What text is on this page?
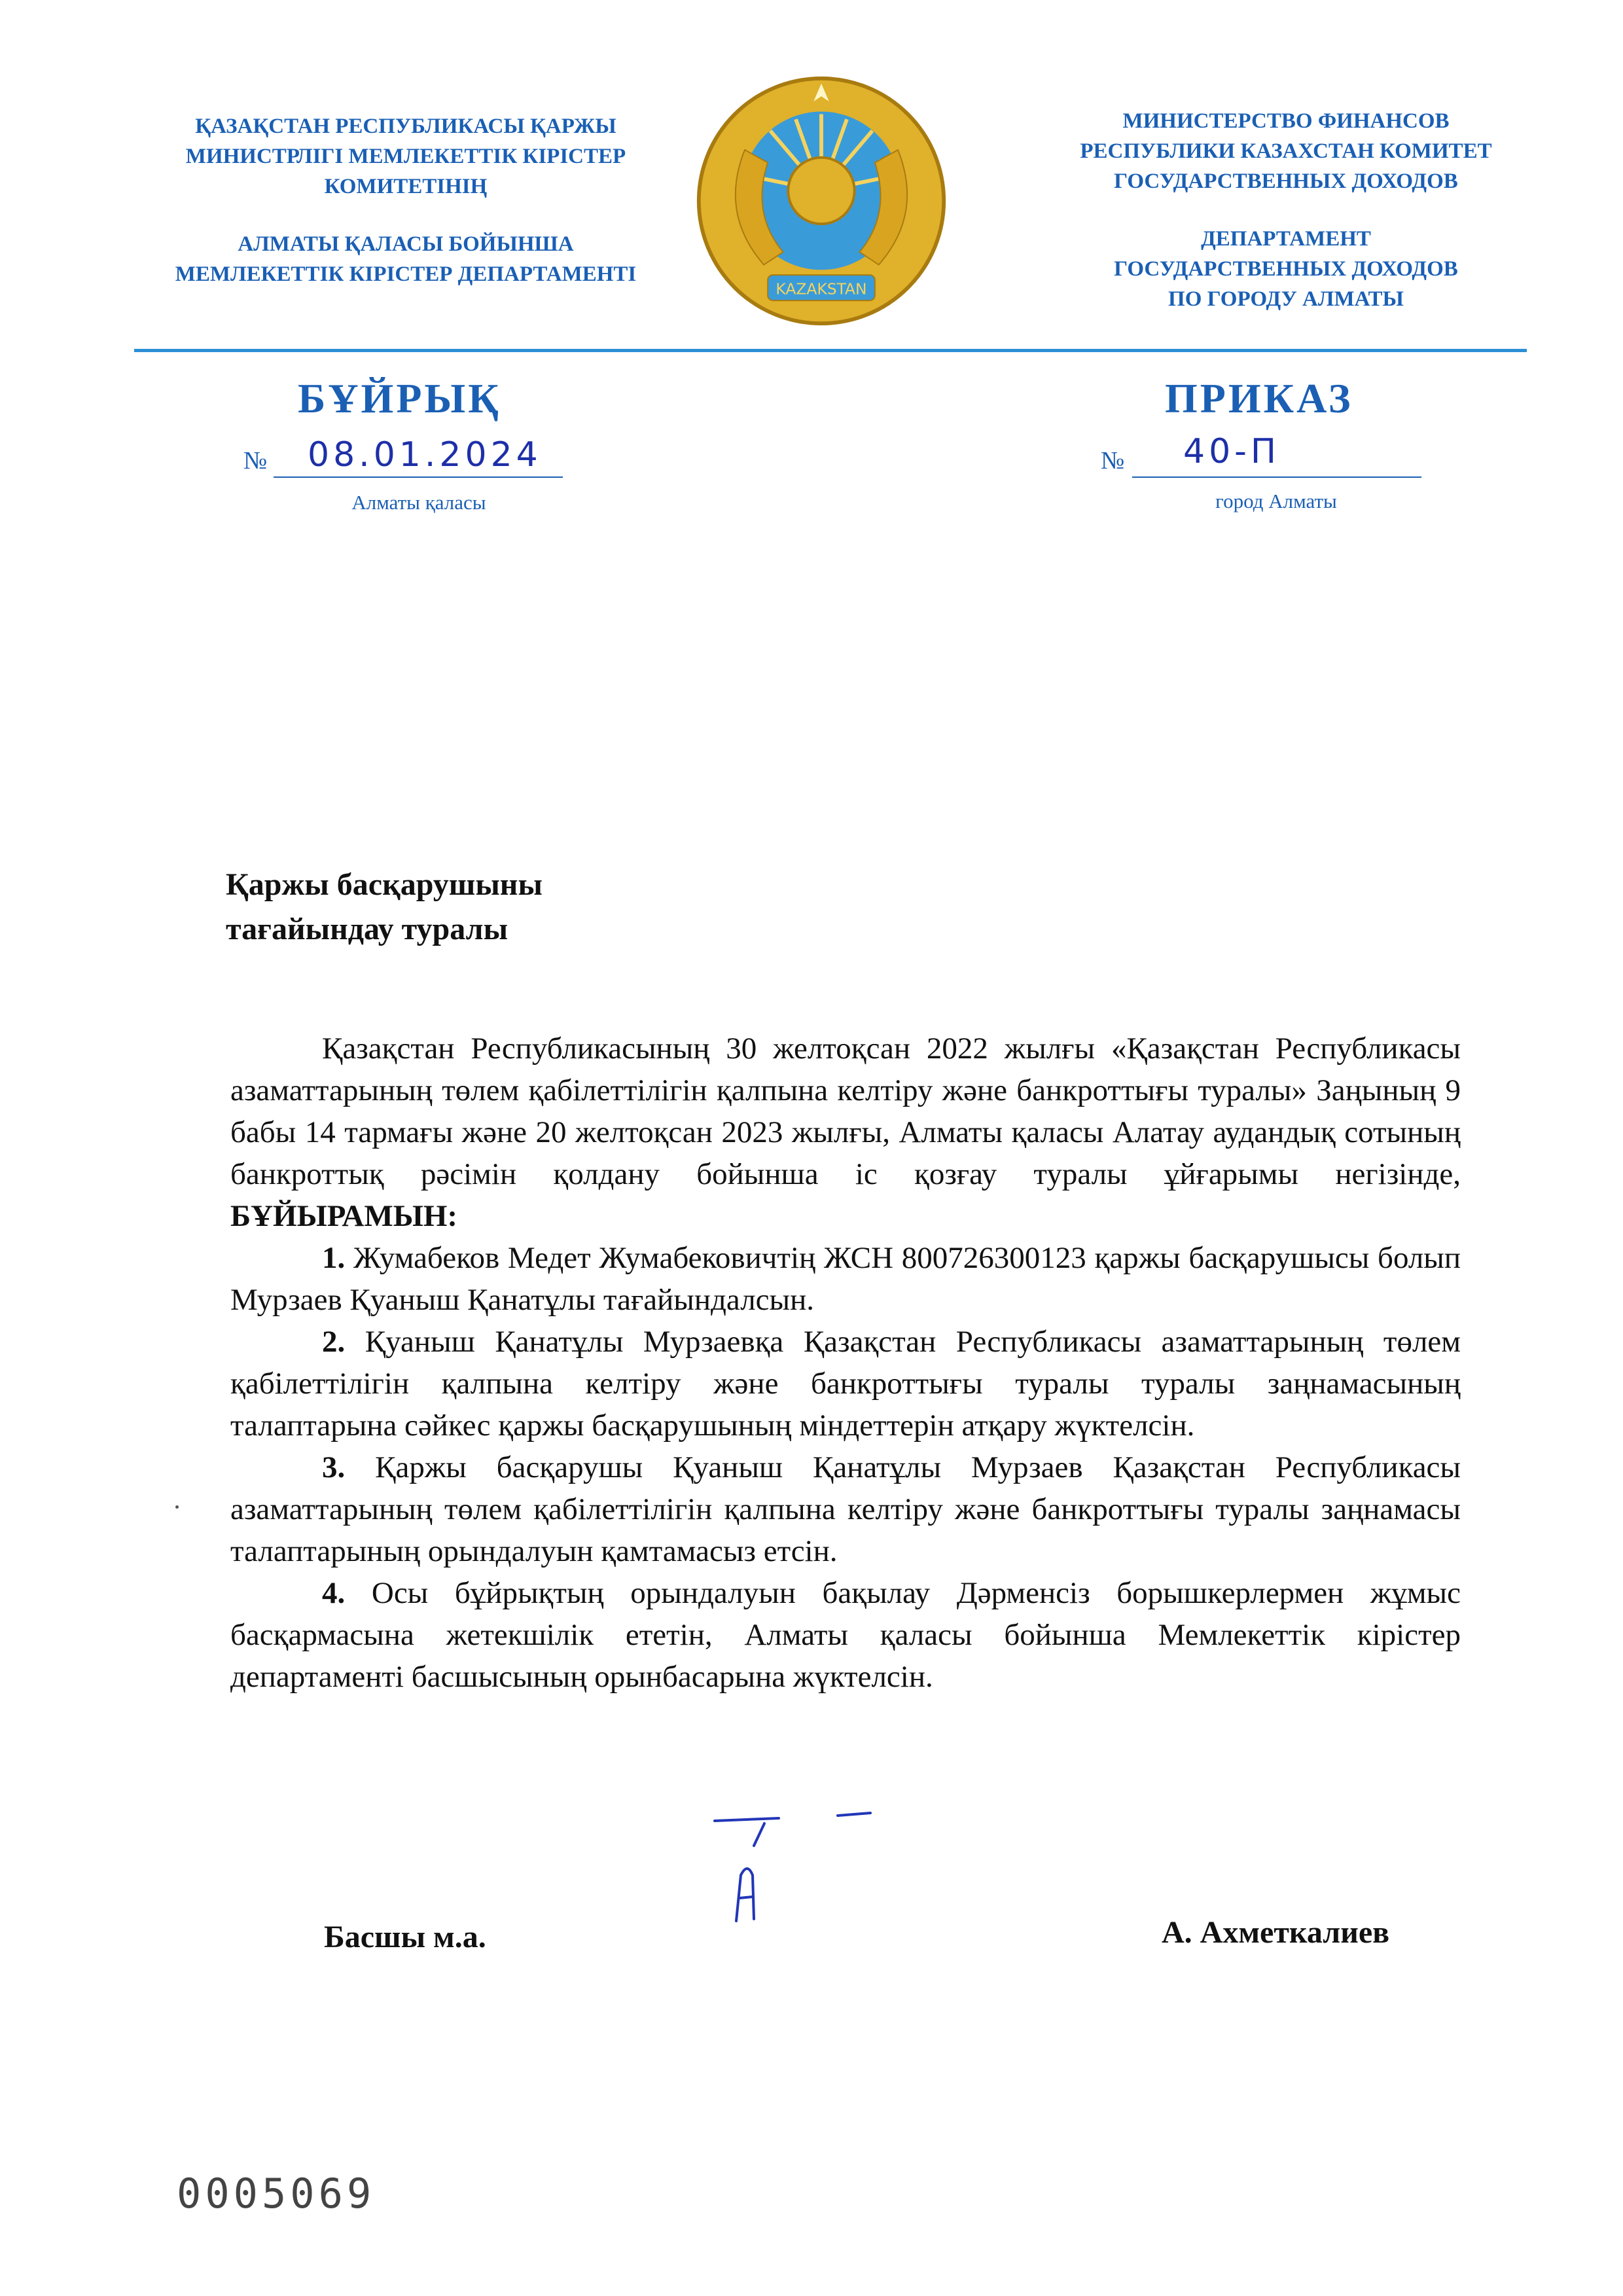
ҚАЗАҚСТАН РЕСПУБЛИКАСЫ ҚАРЖЫ
МИНИСТРЛІГІ МЕМЛЕКЕТТІК КІРІСТЕР
КОМИТЕТІНІҢ
АЛМАТЫ ҚАЛАСЫ БОЙЫНША
МЕМЛЕКЕТТІК КІРІСТЕР ДЕПАРТАМЕНТІ
KAZAKSTAN
МИНИСТЕРСТВО ФИНАНСОВ
РЕСПУБЛИКИ КАЗАХСТАН КОМИТЕТ
ГОСУДАРСТВЕННЫХ ДОХОДОВ
ДЕПАРТАМЕНТ
ГОСУДАРСТВЕННЫХ ДОХОДОВ
ПО ГОРОДУ АЛМАТЫ
БҰЙРЫҚ	ПРИКАЗ
№ 08.01.2024	№ 40-П
Алматы қаласы	город Алматы
Қаржы басқарушыны
тағайындау туралы

Қазақстан Республикасының 30 желтоқсан 2022 жылғы «Қазақстан Республикасы азаматтарының төлем қабілеттілігін қалпына келтіру және банкроттығы туралы» Заңының 9 бабы 14 тармағы және 20 желтоқсан 2023 жылғы, Алматы қаласы Алатау аудандық сотының банкроттық рәсімін қолдану бойынша іс қозғау туралы ұйғарымы негізінде, БҰЙЫРАМЫН:

1. Жумабеков Медет Жумабековичтің ЖСН 800726300123 қаржы басқарушысы болып Мурзаев Қуаныш Қанатұлы тағайындалсын.

2. Қуаныш Қанатұлы Мурзаевқа Қазақстан Республикасы азаматтарының төлем қабілеттілігін қалпына келтіру және банкроттығы туралы туралы заңнамасының талаптарына сәйкес қаржы басқарушының міндеттерін атқару жүктелсін.

3. Қаржы басқарушы Қуаныш Қанатұлы Мурзаев Қазақстан Республикасы азаматтарының төлем қабілеттілігін қалпына келтіру және банкроттығы туралы заңнамасы талаптарының орындалуын қамтамасыз етсін.

4. Осы бұйрықтың орындалуын бақылау Дәрменсіз борышкерлермен жұмыс басқармасына жетекшілік ететін, Алматы қаласы бойынша Мемлекеттік кірістер департаменті басшысының орынбасарына жүктелсін.

Басшы м.а.	А. Ахметкалиев
0005069
